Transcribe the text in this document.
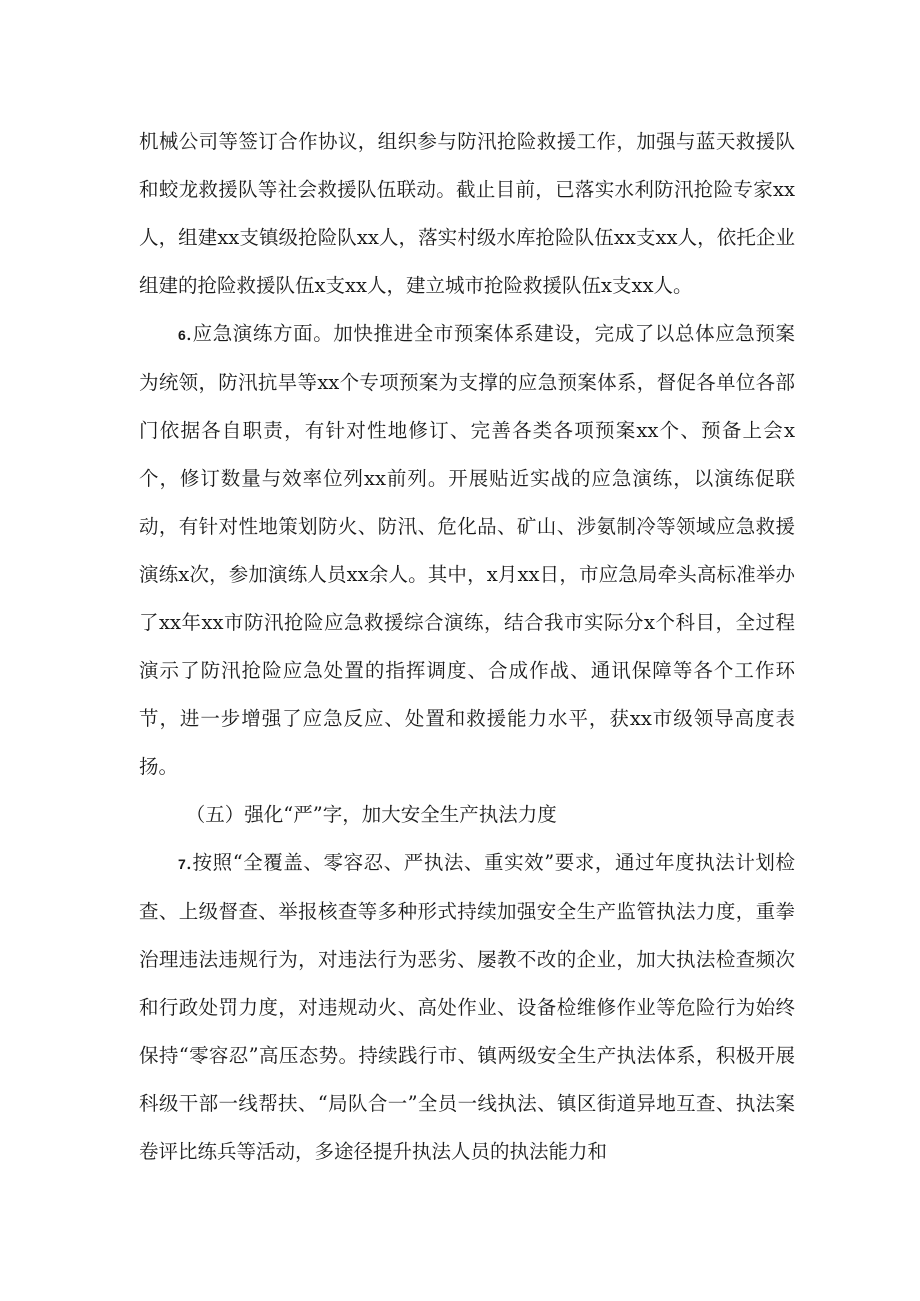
机械公司等签订合作协议，组织参与防汛抢险救援工作，加强与蓝天救援队和蛟龙救援队等社会救援队伍联动。截止目前，已落实水利防汛抢险专家xx人，组建xx支镇级抢险队xx人，落实村级水库抢险队伍xx支xx人，依托企业组建的抢险救援队伍x支xx人，建立城市抢险救援队伍x支xx人。

6.应急演练方面。加快推进全市预案体系建设，完成了以总体应急预案为统领，防汛抗旱等xx个专项预案为支撑的应急预案体系，督促各单位各部门依据各自职责，有针对性地修订、完善各类各项预案xx个、预备上会x个，修订数量与效率位列xx前列。开展贴近实战的应急演练，以演练促联动，有针对性地策划防火、防汛、危化品、矿山、涉氨制冷等领域应急救援演练x次，参加演练人员xx余人。其中，x月xx日，市应急局牵头高标准举办了xx年xx市防汛抢险应急救援综合演练，结合我市实际分x个科目，全过程演示了防汛抢险应急处置的指挥调度、合成作战、通讯保障等各个工作环节，进一步增强了应急反应、处置和救援能力水平，获xx市级领导高度表扬。

（五）强化“严”字，加大安全生产执法力度

7.按照“全覆盖、零容忍、严执法、重实效”要求，通过年度执法计划检查、上级督查、举报核查等多种形式持续加强安全生产监管执法力度，重拳治理违法违规行为，对违法行为恶劣、屡教不改的企业，加大执法检查频次和行政处罚力度，对违规动火、高处作业、设备检维修作业等危险行为始终保持“零容忍”高压态势。持续践行市、镇两级安全生产执法体系，积极开展科级干部一线帮扶、“局队合一”全员一线执法、镇区街道异地互查、执法案卷评比练兵等活动，多途径提升执法人员的执法能力和
